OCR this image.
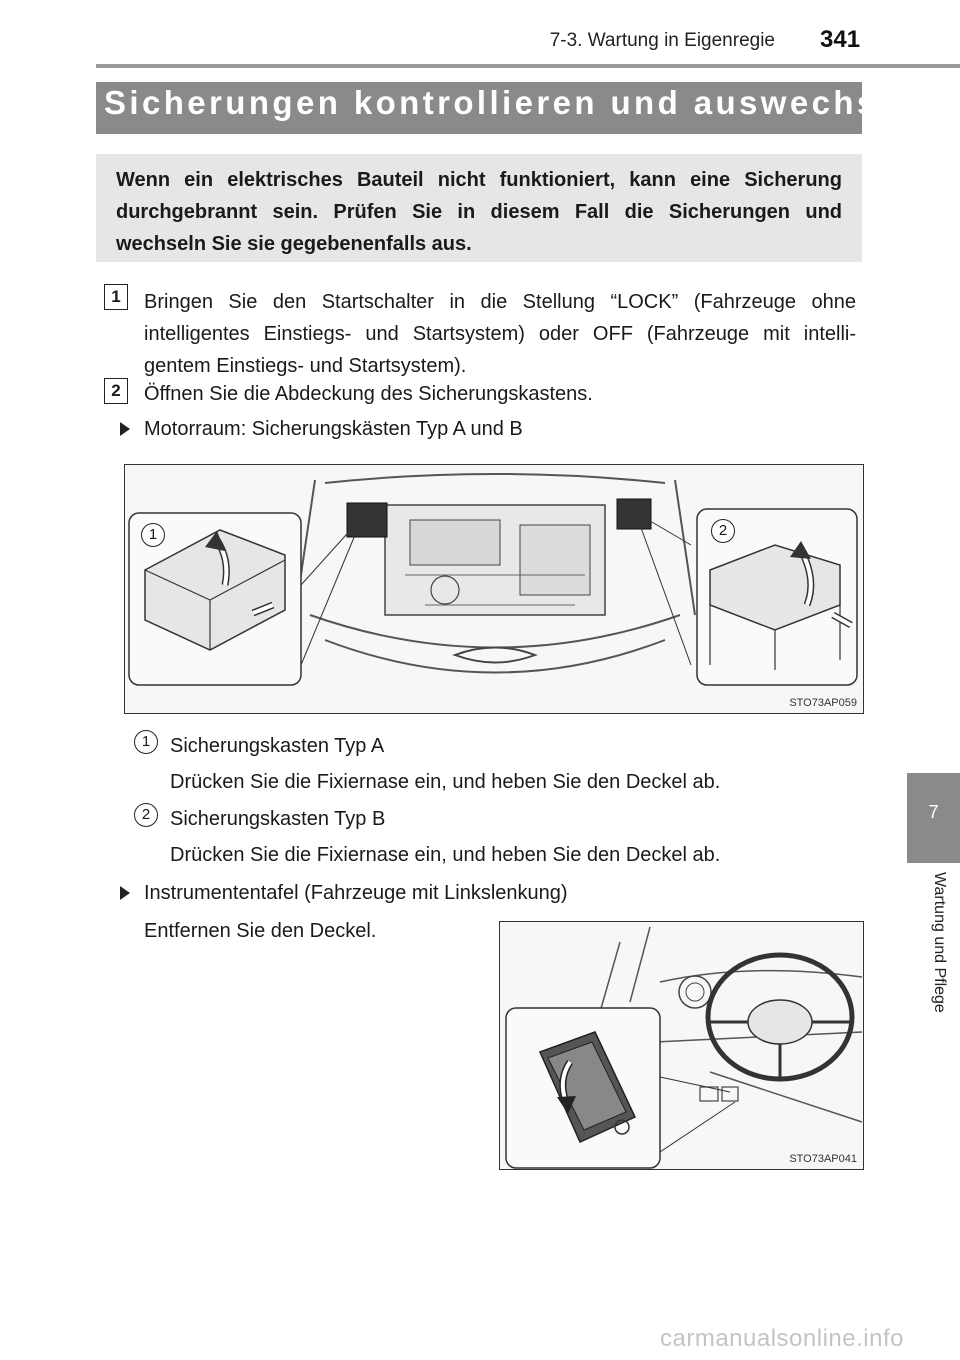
7-3. Wartung in Eigenregie 341
Sicherungen kontrollieren und auswechseln
Wenn ein elektrisches Bauteil nicht funktioniert, kann eine Sicherung durchgebrannt sein. Prüfen Sie in diesem Fall die Sicherungen und wechseln Sie sie gegebenenfalls aus.
1	Bringen Sie den Startschalter in die Stellung “LOCK” (Fahrzeuge ohne
intelligentes Einstiegs- und Startsystem) oder OFF (Fahrzeuge mit intelli-
gentem Einstiegs- und Startsystem).
2	Öffnen Sie die Abdeckung des Sicherungskastens.
Motorraum: Sicherungskästen Typ A und B
1	2
STO73AP059
1 Sicherungskasten Typ A
Drücken Sie die Fixiernase ein, und heben Sie den Deckel ab.
2 Sicherungskasten Typ B
Drücken Sie die Fixiernase ein, und heben Sie den Deckel ab.
Instrumententafel (Fahrzeuge mit Linkslenkung)
Entfernen Sie den Deckel.
STO73AP041
7
Wartung und Pflege
carmanualsonline.info
